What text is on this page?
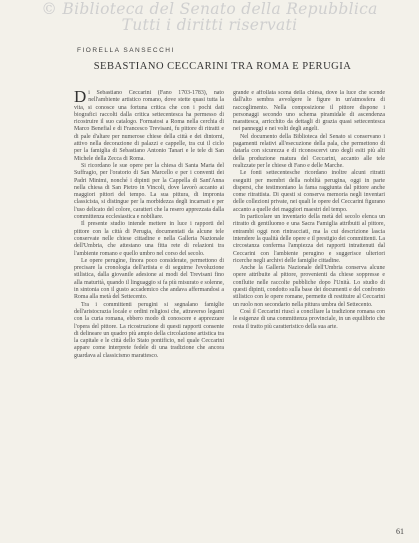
© Biblioteca del Senato della Repubblica
Tutti i diritti riservati
FIORELLA SANSECCHI
SEBASTIANO CECCARINI TRA ROMA E PERUGIA

Di Sebastiano Ceccarini (Fano 1703-1783), nato nell'ambiente artistico romano, dove stette quasi tutta la vita, si conosce una fortuna critica che con i pochi dati biografici raccolti dalla critica settecentesca ha permesso di ricostruire il suo catalogo. Formatosi a Roma nella cerchia di Marco Benefial e di Francesco Trevisani, fu pittore di ritratti e di pale d'altare per numerose chiese della città e dei dintorni, attivo nella decorazione di palazzi e cappelle, tra cui il ciclo per la famiglia di Sebastiano Antonio Tanari e le tele di San Michele della Zecca di Roma.

Si ricordano le sue opere per la chiesa di Santa Maria del Suffragio, per l'oratorio di San Marcello e per i conventi dei Padri Minimi, nonché i dipinti per la Cappella di Sant'Anna nella chiesa di San Pietro in Vincoli, dove lavorò accanto ai maggiori pittori del tempo. La sua pittura, di impronta classicista, si distingue per la morbidezza degli incarnati e per l'uso delicato del colore, caratteri che la resero apprezzata dalla committenza ecclesiastica e nobiliare.

Il presente studio intende mettere in luce i rapporti del pittore con la città di Perugia, documentati da alcune tele conservate nelle chiese cittadine e nella Galleria Nazionale dell'Umbria, che attestano una fitta rete di relazioni tra l'ambiente romano e quello umbro nel corso del secolo.

Le opere perugine, finora poco considerate, permettono di precisare la cronologia dell'artista e di seguirne l'evoluzione stilistica, dalla giovanile adesione ai modi del Trevisani fino alla maturità, quando il linguaggio si fa più misurato e solenne, in sintonia con il gusto accademico che andava affermandosi a Roma alla metà del Settecento.

Tra i committenti perugini si segnalano famiglie dell'aristocrazia locale e ordini religiosi che, attraverso legami con la curia romana, ebbero modo di conoscere e apprezzare l'opera del pittore. La ricostruzione di questi rapporti consente di delineare un quadro più ampio della circolazione artistica tra la capitale e le città dello Stato pontificio, nel quale Ceccarini appare come interprete fedele di una tradizione che ancora guardava al classicismo marattesco.

grande e affollata scena della chiesa, dove la luce che scende dall'alto sembra avvolgere le figure in un'atmosfera di raccoglimento. Nella composizione il pittore dispone i personaggi secondo uno schema piramidale di ascendenza marattesca, arricchito da dettagli di grazia quasi settecentesca nei panneggi e nei volti degli angeli.

Nel documento della Biblioteca del Senato si conservano i pagamenti relativi all'esecuzione della pala, che permettono di datarla con sicurezza e di riconoscervi uno degli esiti più alti della produzione matura del Ceccarini, accanto alle tele realizzate per le chiese di Fano e delle Marche.

Le fonti settecentesche ricordano inoltre alcuni ritratti eseguiti per membri della nobiltà perugina, oggi in parte dispersi, che testimoniano la fama raggiunta dal pittore anche come ritrattista. Di questi si conserva memoria negli inventari delle collezioni private, nei quali le opere del Ceccarini figurano accanto a quelle dei maggiori maestri del tempo.

In particolare un inventario della metà del secolo elenca un ritratto di gentiluomo e una Sacra Famiglia attribuiti al pittore, entrambi oggi non rintracciati, ma la cui descrizione lascia intendere la qualità delle opere e il prestigio dei committenti. La circostanza conferma l'ampiezza dei rapporti intrattenuti dal Ceccarini con l'ambiente perugino e suggerisce ulteriori ricerche negli archivi delle famiglie cittadine.

Anche la Galleria Nazionale dell'Umbria conserva alcune opere attribuite al pittore, provenienti da chiese soppresse e confluite nelle raccolte pubbliche dopo l'Unità. Lo studio di questi dipinti, condotto sulla base dei documenti e del confronto stilistico con le opere romane, permette di restituire al Ceccarini un ruolo non secondario nella pittura umbra del Settecento.

Così il Ceccarini riuscì a conciliare la tradizione romana con le esigenze di una committenza provinciale, in un equilibrio che resta il tratto più caratteristico della sua arte.

61
